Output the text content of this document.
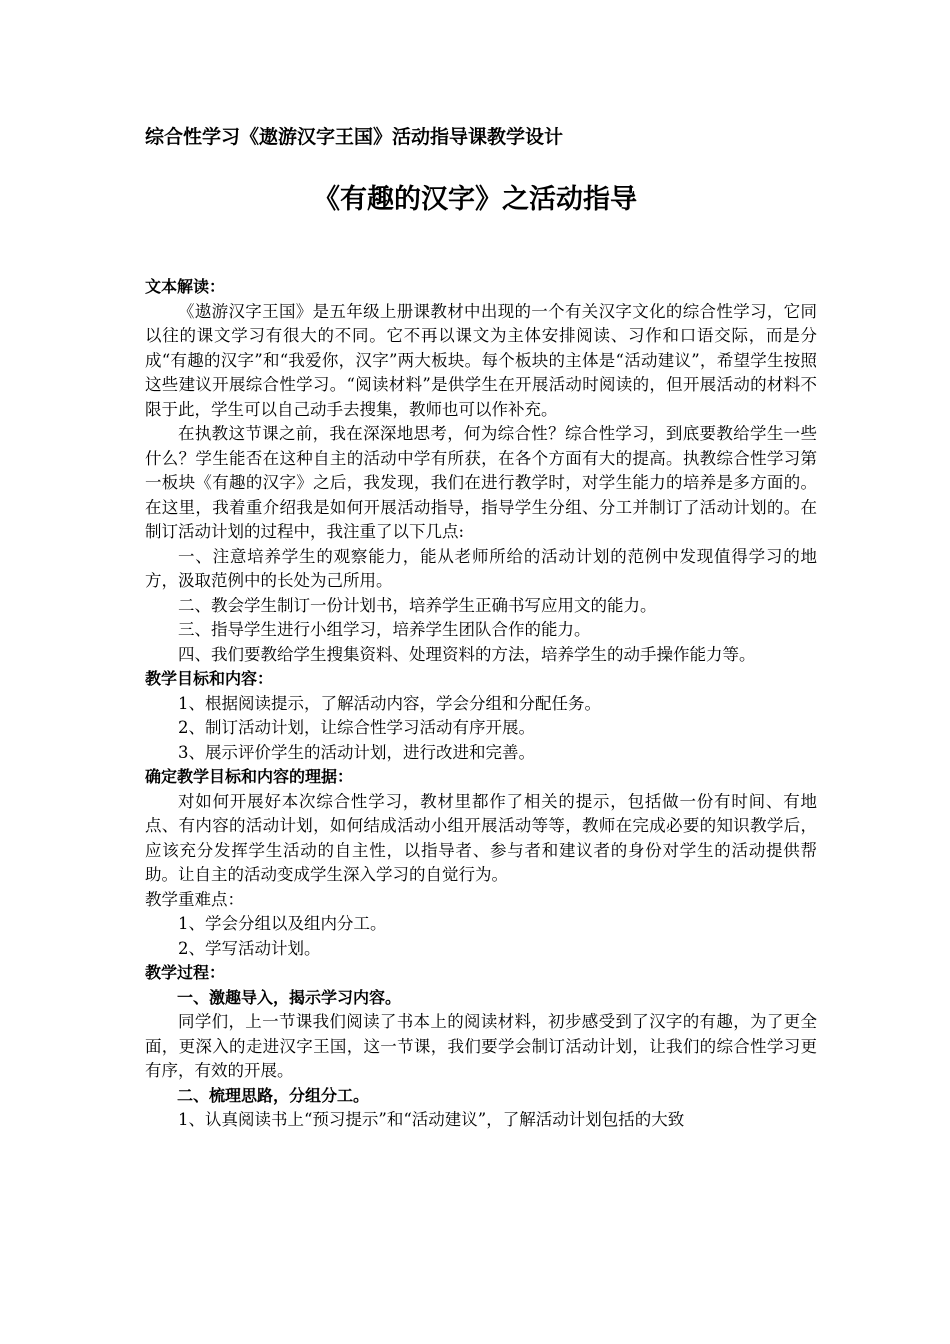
综合性学习《遨游汉字王国》活动指导课教学设计
《有趣的汉字》之活动指导

文本解读：

《遨游汉字王国》是五年级上册课教材中出现的一个有关汉字文化的综合性学习，它同以往的课文学习有很大的不同。它不再以课文为主体安排阅读、习作和口语交际，而是分成“有趣的汉字”和“我爱你，汉字”两大板块。每个板块的主体是“活动建议”，希望学生按照这些建议开展综合性学习。“阅读材料”是供学生在开展活动时阅读的，但开展活动的材料不限于此，学生可以自己动手去搜集，教师也可以作补充。

在执教这节课之前，我在深深地思考，何为综合性？综合性学习，到底要教给学生一些什么？学生能否在这种自主的活动中学有所获，在各个方面有大的提高。执教综合性学习第一板块《有趣的汉字》之后，我发现，我们在进行教学时，对学生能力的培养是多方面的。在这里，我着重介绍我是如何开展活动指导，指导学生分组、分工并制订了活动计划的。在制订活动计划的过程中，我注重了以下几点:

一、注意培养学生的观察能力，能从老师所给的活动计划的范例中发现值得学习的地方，汲取范例中的长处为己所用。

二、教会学生制订一份计划书，培养学生正确书写应用文的能力。

三、指导学生进行小组学习，培养学生团队合作的能力。

四、我们要教给学生搜集资料、处理资料的方法，培养学生的动手操作能力等。

教学目标和内容：

1、根据阅读提示，了解活动内容，学会分组和分配任务。

2、制订活动计划，让综合性学习活动有序开展。

3、展示评价学生的活动计划，进行改进和完善。

确定教学目标和内容的理据：

对如何开展好本次综合性学习，教材里都作了相关的提示，包括做一份有时间、有地点、有内容的活动计划，如何结成活动小组开展活动等等，教师在完成必要的知识教学后，应该充分发挥学生活动的自主性，以指导者、参与者和建议者的身份对学生的活动提供帮助。让自主的活动变成学生深入学习的自觉行为。

教学重难点：

1、学会分组以及组内分工。

2、学写活动计划。

教学过程：

一、激趣导入，揭示学习内容。

同学们，上一节课我们阅读了书本上的阅读材料，初步感受到了汉字的有趣，为了更全面，更深入的走进汉字王国，这一节课，我们要学会制订活动计划，让我们的综合性学习更有序，有效的开展。

二、梳理思路，分组分工。

1、认真阅读书上“预习提示”和“活动建议”，了解活动计划包括的大致
